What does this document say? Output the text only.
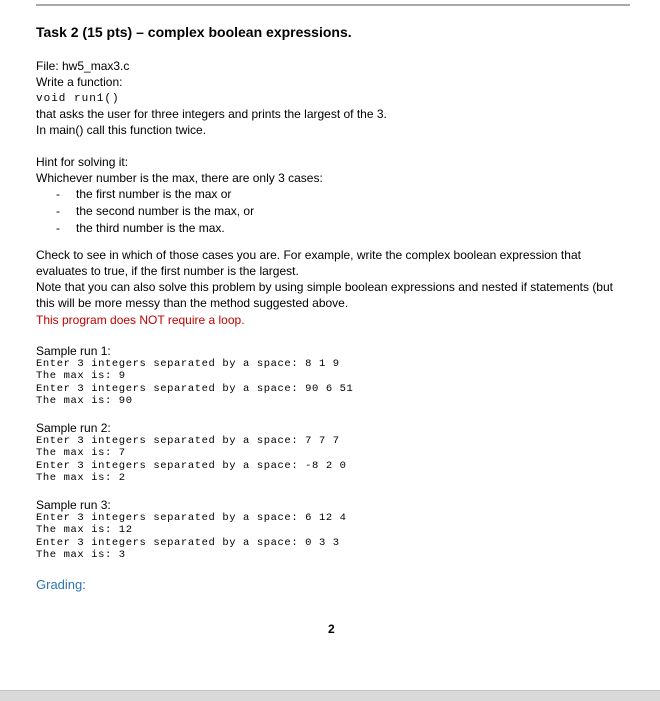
Task 2 (15 pts) – complex boolean expressions.
File: hw5_max3.c
Write a function:
void run1()
that asks the user for three integers and prints the largest of the 3.
In main() call this function twice.
Hint for solving it:
Whichever number is the max, there are only 3 cases:
- the first number is the max or
- the second number is the max, or
- the third number is the max.
Check to see in which of those cases you are. For example, write the complex boolean expression that evaluates to true, if the first number is the largest.
Note that you can also solve this problem by using simple boolean expressions and nested if statements (but this will be more messy than the method suggested above.
This program does NOT require a loop.
Sample run 1:
Enter 3 integers separated by a space: 8 1 9
The max is: 9
Enter 3 integers separated by a space: 90 6 51
The max is: 90
Sample run 2:
Enter 3 integers separated by a space: 7 7 7
The max is: 7
Enter 3 integers separated by a space: -8 2 0
The max is: 2
Sample run 3:
Enter 3 integers separated by a space: 6 12 4
The max is: 12
Enter 3 integers separated by a space: 0 3 3
The max is: 3
Grading:
2
